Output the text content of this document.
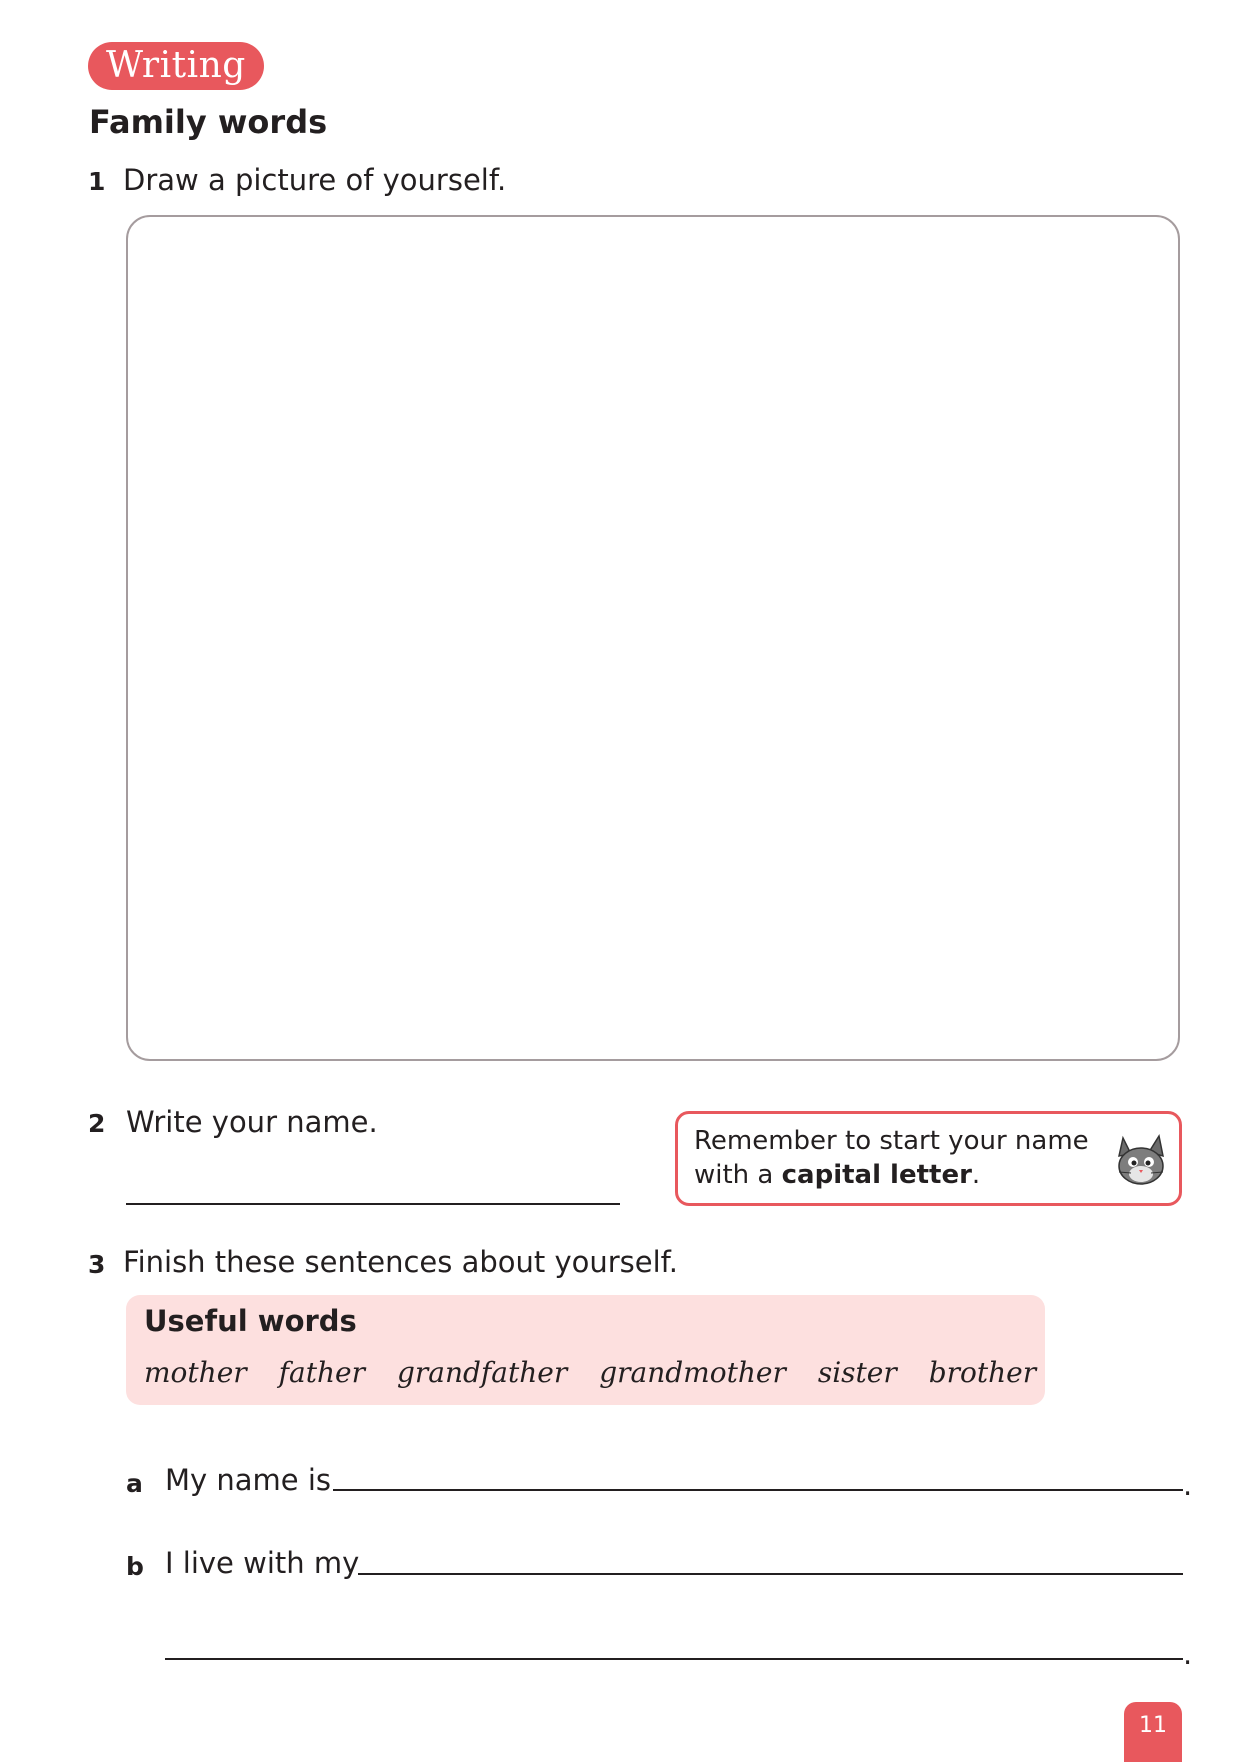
Writing
Family words
1 Draw a picture of yourself.
2 Write your name.
Remember to start your name
with a capital letter.
3 Finish these sentences about yourself.
Useful words
mother father grandfather grandmother sister brother
a My name is	.
b I live with my
.
11
